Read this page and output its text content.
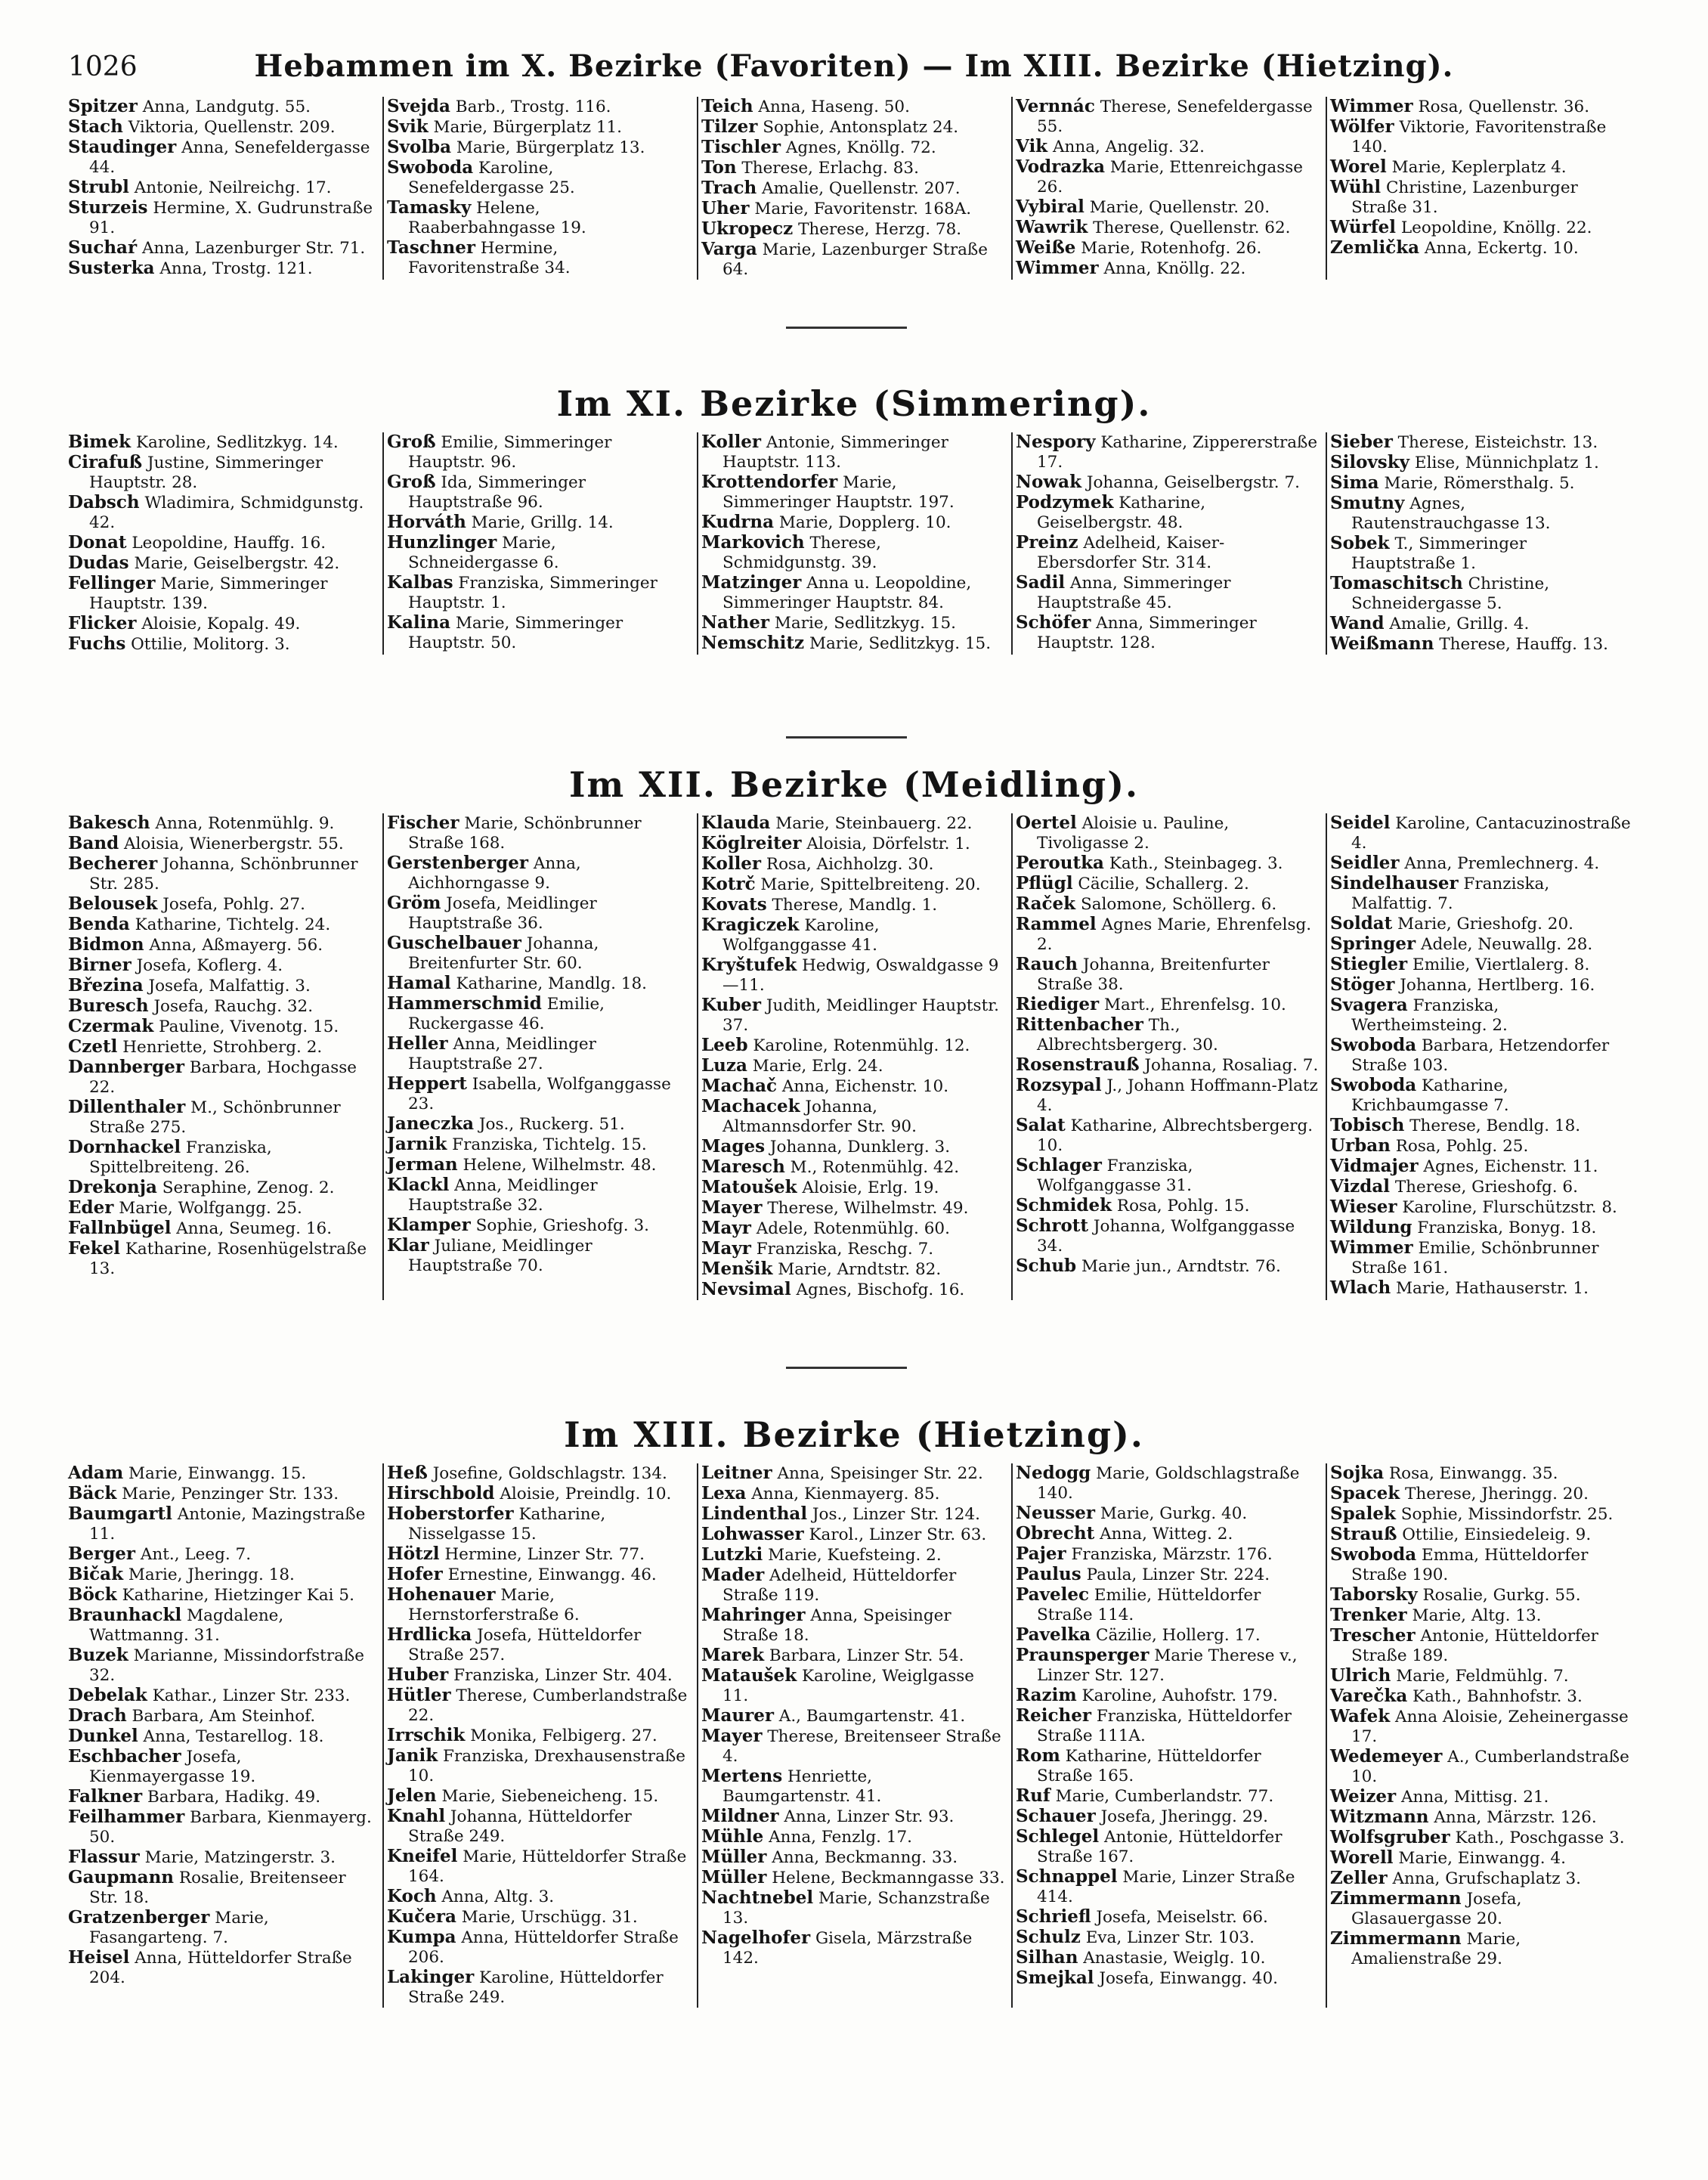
1026	Hebammen im X. Bezirke (Favoriten) — Im XIII. Bezirke (Hietzing).

Spitzer Anna, Landgutg. 55.

Stach Viktoria, Quellenstr. 209.

Staudinger Anna, Senefeldergasse 44.

Strubl Antonie, Neilreichg. 17.

Sturzeis Hermine, X. Gudrunstraße 91.

Suchaŕ Anna, Lazenburger Str. 71.

Susterka Anna, Trostg. 121.

Svejda Barb., Trostg. 116.

Svik Marie, Bürgerplatz 11.

Svolba Marie, Bürgerplatz 13.

Swoboda Karoline, Senefeldergasse 25.

Tamasky Helene, Raaberbahngasse 19.

Taschner Hermine, Favoritenstraße 34.

Teich Anna, Haseng. 50.

Tilzer Sophie, Antonsplatz 24.

Tischler Agnes, Knöllg. 72.

Ton Therese, Erlachg. 83.

Trach Amalie, Quellenstr. 207.

Uher Marie, Favoritenstr. 168A.

Ukropecz Therese, Herzg. 78.

Varga Marie, Lazenburger Straße 64.

Vernnác Therese, Senefeldergasse 55.

Vik Anna, Angelig. 32.

Vodrazka Marie, Ettenreichgasse 26.

Vybiral Marie, Quellenstr. 20.

Wawrik Therese, Quellenstr. 62.

Weiße Marie, Rotenhofg. 26.

Wimmer Anna, Knöllg. 22.

Wimmer Rosa, Quellenstr. 36.

Wölfer Viktorie, Favoritenstraße 140.

Worel Marie, Keplerplatz 4.

Wühl Christine, Lazenburger Straße 31.

Würfel Leopoldine, Knöllg. 22.

Zemlička Anna, Eckertg. 10.

Im XI. Bezirke (Simmering).

Bimek Karoline, Sedlitzkyg. 14.

Cirafuß Justine, Simmeringer Hauptstr. 28.

Dabsch Wladimira, Schmidgunstg. 42.

Donat Leopoldine, Hauffg. 16.

Dudas Marie, Geiselbergstr. 42.

Fellinger Marie, Simmeringer Hauptstr. 139.

Flicker Aloisie, Kopalg. 49.

Fuchs Ottilie, Molitorg. 3.

Groß Emilie, Simmeringer Hauptstr. 96.

Groß Ida, Simmeringer Hauptstraße 96.

Horváth Marie, Grillg. 14.

Hunzlinger Marie, Schneidergasse 6.

Kalbas Franziska, Simmeringer Hauptstr. 1.

Kalina Marie, Simmeringer Hauptstr. 50.

Koller Antonie, Simmeringer Hauptstr. 113.

Krottendorfer Marie, Simmeringer Hauptstr. 197.

Kudrna Marie, Dopplerg. 10.

Markovich Therese, Schmidgunstg. 39.

Matzinger Anna u. Leopoldine, Simmeringer Hauptstr. 84.

Nather Marie, Sedlitzkyg. 15.

Nemschitz Marie, Sedlitzkyg. 15.

Nespory Katharine, Zippererstraße 17.

Nowak Johanna, Geiselbergstr. 7.

Podzymek Katharine, Geiselbergstr. 48.

Preinz Adelheid, Kaiser-Ebersdorfer Str. 314.

Sadil Anna, Simmeringer Hauptstraße 45.

Schöfer Anna, Simmeringer Hauptstr. 128.

Sieber Therese, Eisteichstr. 13.

Silovsky Elise, Münnichplatz 1.

Sima Marie, Römersthalg. 5.

Smutny Agnes, Rautenstrauchgasse 13.

Sobek T., Simmeringer Hauptstraße 1.

Tomaschitsch Christine, Schneidergasse 5.

Wand Amalie, Grillg. 4.

Weißmann Therese, Hauffg. 13.

Im XII. Bezirke (Meidling).

Bakesch Anna, Rotenmühlg. 9.

Band Aloisia, Wienerbergstr. 55.

Becherer Johanna, Schönbrunner Str. 285.

Belousek Josefa, Pohlg. 27.

Benda Katharine, Tichtelg. 24.

Bidmon Anna, Aßmayerg. 56.

Birner Josefa, Koflerg. 4.

Březina Josefa, Malfattig. 3.

Buresch Josefa, Rauchg. 32.

Czermak Pauline, Vivenotg. 15.

Czetl Henriette, Strohberg. 2.

Dannberger Barbara, Hochgasse 22.

Dillenthaler M., Schönbrunner Straße 275.

Dornhackel Franziska, Spittelbreiteng. 26.

Drekonja Seraphine, Zenog. 2.

Eder Marie, Wolfgangg. 25.

Fallnbügel Anna, Seumeg. 16.

Fekel Katharine, Rosenhügelstraße 13.

Fischer Marie, Schönbrunner Straße 168.

Gerstenberger Anna, Aichhorngasse 9.

Gröm Josefa, Meidlinger Hauptstraße 36.

Guschelbauer Johanna, Breitenfurter Str. 60.

Hamal Katharine, Mandlg. 18.

Hammerschmid Emilie, Ruckergasse 46.

Heller Anna, Meidlinger Hauptstraße 27.

Heppert Isabella, Wolfganggasse 23.

Janeczka Jos., Ruckerg. 51.

Jarnik Franziska, Tichtelg. 15.

Jerman Helene, Wilhelmstr. 48.

Klackl Anna, Meidlinger Hauptstraße 32.

Klamper Sophie, Grieshofg. 3.

Klar Juliane, Meidlinger Hauptstraße 70.

Klauda Marie, Steinbauerg. 22.

Köglreiter Aloisia, Dörfelstr. 1.

Koller Rosa, Aichholzg. 30.

Kotrč Marie, Spittelbreiteng. 20.

Kovats Therese, Mandlg. 1.

Kragiczek Karoline, Wolfganggasse 41.

Kryštufek Hedwig, Oswaldgasse 9—11.

Kuber Judith, Meidlinger Hauptstr. 37.

Leeb Karoline, Rotenmühlg. 12.

Luza Marie, Erlg. 24.

Machač Anna, Eichenstr. 10.

Machacek Johanna, Altmannsdorfer Str. 90.

Mages Johanna, Dunklerg. 3.

Maresch M., Rotenmühlg. 42.

Matoušek Aloisie, Erlg. 19.

Mayer Therese, Wilhelmstr. 49.

Mayr Adele, Rotenmühlg. 60.

Mayr Franziska, Reschg. 7.

Menšik Marie, Arndtstr. 82.

Nevsimal Agnes, Bischofg. 16.

Oertel Aloisie u. Pauline, Tivoligasse 2.

Peroutka Kath., Steinbageg. 3.

Pflügl Cäcilie, Schallerg. 2.

Raček Salomone, Schöllerg. 6.

Rammel Agnes Marie, Ehrenfelsg. 2.

Rauch Johanna, Breitenfurter Straße 38.

Riediger Mart., Ehrenfelsg. 10.

Rittenbacher Th., Albrechtsbergerg. 30.

Rosenstrauß Johanna, Rosaliag. 7.

Rozsypal J., Johann Hoffmann-Platz 4.

Salat Katharine, Albrechtsbergerg. 10.

Schlager Franziska, Wolfganggasse 31.

Schmidek Rosa, Pohlg. 15.

Schrott Johanna, Wolfganggasse 34.

Schub Marie jun., Arndtstr. 76.

Seidel Karoline, Cantacuzinostraße 4.

Seidler Anna, Premlechnerg. 4.

Sindelhauser Franziska, Malfattig. 7.

Soldat Marie, Grieshofg. 20.

Springer Adele, Neuwallg. 28.

Stiegler Emilie, Viertlalerg. 8.

Stöger Johanna, Hertlberg. 16.

Svagera Franziska, Wertheimsteing. 2.

Swoboda Barbara, Hetzendorfer Straße 103.

Swoboda Katharine, Krichbaumgasse 7.

Tobisch Therese, Bendlg. 18.

Urban Rosa, Pohlg. 25.

Vidmajer Agnes, Eichenstr. 11.

Vizdal Therese, Grieshofg. 6.

Wieser Karoline, Flurschützstr. 8.

Wildung Franziska, Bonyg. 18.

Wimmer Emilie, Schönbrunner Straße 161.

Wlach Marie, Hathauserstr. 1.

Im XIII. Bezirke (Hietzing).

Adam Marie, Einwangg. 15.

Bäck Marie, Penzinger Str. 133.

Baumgartl Antonie, Mazingstraße 11.

Berger Ant., Leeg. 7.

Bičak Marie, Jheringg. 18.

Böck Katharine, Hietzinger Kai 5.

Braunhackl Magdalene, Wattmanng. 31.

Buzek Marianne, Missindorfstraße 32.

Debelak Kathar., Linzer Str. 233.

Drach Barbara, Am Steinhof.

Dunkel Anna, Testarellog. 18.

Eschbacher Josefa, Kienmayergasse 19.

Falkner Barbara, Hadikg. 49.

Feilhammer Barbara, Kienmayerg. 50.

Flassur Marie, Matzingerstr. 3.

Gaupmann Rosalie, Breitenseer Str. 18.

Gratzenberger Marie, Fasangarteng. 7.

Heisel Anna, Hütteldorfer Straße 204.

Heß Josefine, Goldschlagstr. 134.

Hirschbold Aloisie, Preindlg. 10.

Hoberstorfer Katharine, Nisselgasse 15.

Hötzl Hermine, Linzer Str. 77.

Hofer Ernestine, Einwangg. 46.

Hohenauer Marie, Hernstorferstraße 6.

Hrdlicka Josefa, Hütteldorfer Straße 257.

Huber Franziska, Linzer Str. 404.

Hütler Therese, Cumberlandstraße 22.

Irrschik Monika, Felbigerg. 27.

Janik Franziska, Drexhausenstraße 10.

Jelen Marie, Siebeneicheng. 15.

Knahl Johanna, Hütteldorfer Straße 249.

Kneifel Marie, Hütteldorfer Straße 164.

Koch Anna, Altg. 3.

Kučera Marie, Urschügg. 31.

Kumpa Anna, Hütteldorfer Straße 206.

Lakinger Karoline, Hütteldorfer Straße 249.

Leitner Anna, Speisinger Str. 22.

Lexa Anna, Kienmayerg. 85.

Lindenthal Jos., Linzer Str. 124.

Lohwasser Karol., Linzer Str. 63.

Lutzki Marie, Kuefsteing. 2.

Mader Adelheid, Hütteldorfer Straße 119.

Mahringer Anna, Speisinger Straße 18.

Marek Barbara, Linzer Str. 54.

Mataušek Karoline, Weiglgasse 11.

Maurer A., Baumgartenstr. 41.

Mayer Therese, Breitenseer Straße 4.

Mertens Henriette, Baumgartenstr. 41.

Mildner Anna, Linzer Str. 93.

Mühle Anna, Fenzlg. 17.

Müller Anna, Beckmanng. 33.

Müller Helene, Beckmanngasse 33.

Nachtnebel Marie, Schanzstraße 13.

Nagelhofer Gisela, Märzstraße 142.

Nedogg Marie, Goldschlagstraße 140.

Neusser Marie, Gurkg. 40.

Obrecht Anna, Witteg. 2.

Pajer Franziska, Märzstr. 176.

Paulus Paula, Linzer Str. 224.

Pavelec Emilie, Hütteldorfer Straße 114.

Pavelka Cäzilie, Hollerg. 17.

Praunsperger Marie Therese v., Linzer Str. 127.

Razim Karoline, Auhofstr. 179.

Reicher Franziska, Hütteldorfer Straße 111A.

Rom Katharine, Hütteldorfer Straße 165.

Ruf Marie, Cumberlandstr. 77.

Schauer Josefa, Jheringg. 29.

Schlegel Antonie, Hütteldorfer Straße 167.

Schnappel Marie, Linzer Straße 414.

Schriefl Josefa, Meiselstr. 66.

Schulz Eva, Linzer Str. 103.

Silhan Anastasie, Weiglg. 10.

Smejkal Josefa, Einwangg. 40.

Sojka Rosa, Einwangg. 35.

Spacek Therese, Jheringg. 20.

Spalek Sophie, Missindorfstr. 25.

Strauß Ottilie, Einsiedeleig. 9.

Swoboda Emma, Hütteldorfer Straße 190.

Taborsky Rosalie, Gurkg. 55.

Trenker Marie, Altg. 13.

Trescher Antonie, Hütteldorfer Straße 189.

Ulrich Marie, Feldmühlg. 7.

Varečka Kath., Bahnhofstr. 3.

Wafek Anna Aloisie, Zeheinergasse 17.

Wedemeyer A., Cumberlandstraße 10.

Weizer Anna, Mittisg. 21.

Witzmann Anna, Märzstr. 126.

Wolfsgruber Kath., Poschgasse 3.

Worell Marie, Einwangg. 4.

Zeller Anna, Grufschaplatz 3.

Zimmermann Josefa, Glasauergasse 20.

Zimmermann Marie, Amalienstraße 29.
